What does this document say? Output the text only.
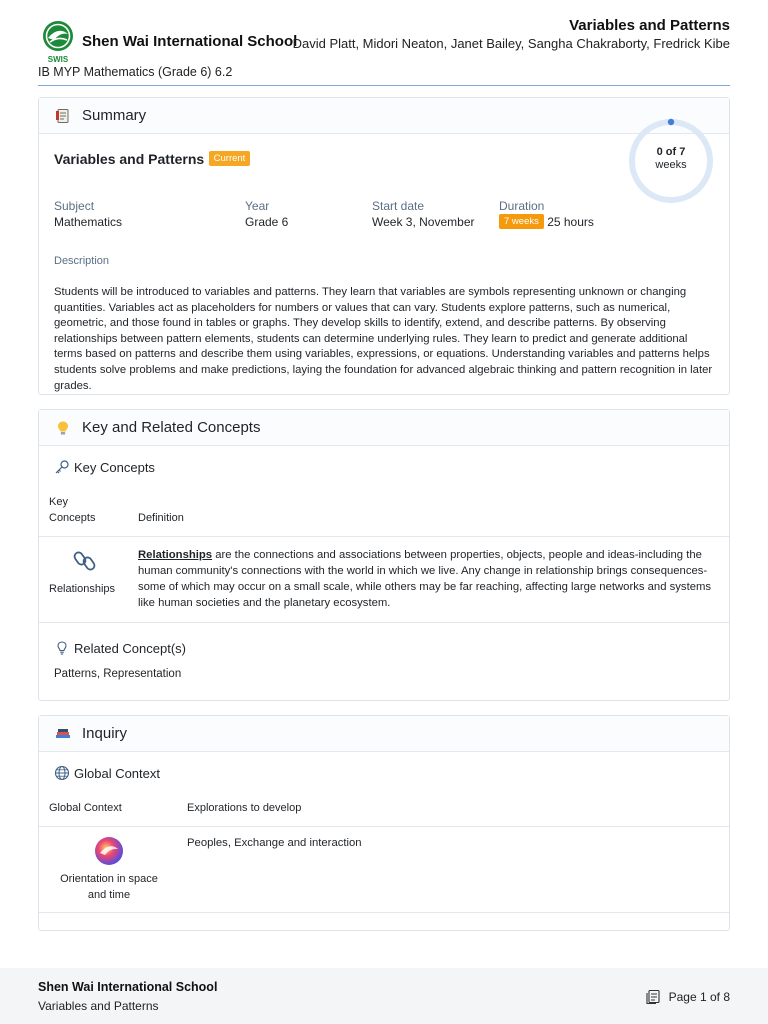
SWIS
Shen Wai International School
Variables and Patterns
David Platt, Midori Neaton, Janet Bailey, Sangha Chakraborty, Fredrick Kibe
IB MYP Mathematics (Grade 6) 6.2
Summary
Variables and Patterns Current
0 of 7
weeks
Subject
Mathematics
Year
Grade 6
Start date
Week 3, November
Duration
7 weeks 25 hours
Description
Students will be introduced to variables and patterns. They learn that variables are symbols representing unknown or changing quantities. Variables act as placeholders for numbers or values that can vary. Students explore patterns, such as numerical, geometric, and those found in tables or graphs. They develop skills to identify, extend, and describe patterns. By observing relationships between pattern elements, students can determine underlying rules. They learn to predict and generate additional terms based on patterns and describe them using variables, expressions, or equations. Understanding variables and patterns helps students solve problems and make predictions, laying the foundation for advanced algebraic thinking and pattern recognition in later grades.
Key and Related Concepts
Key Concepts
Key
Concepts	Definition
Relationships
Relationships are the connections and associations between properties, objects, people and ideas-including the human community's connections with the world in which we live. Any change in relationship brings consequences-some of which may occur on a small scale, while others may be far reaching, affecting large networks and systems like human societies and the planetary ecosystem.
Related Concept(s)
Patterns, Representation
Inquiry
Global Context
Global Context	Explorations to develop
Orientation in space
and time
Peoples, Exchange and interaction
Shen Wai International School
Variables and Patterns
Page 1 of 8
